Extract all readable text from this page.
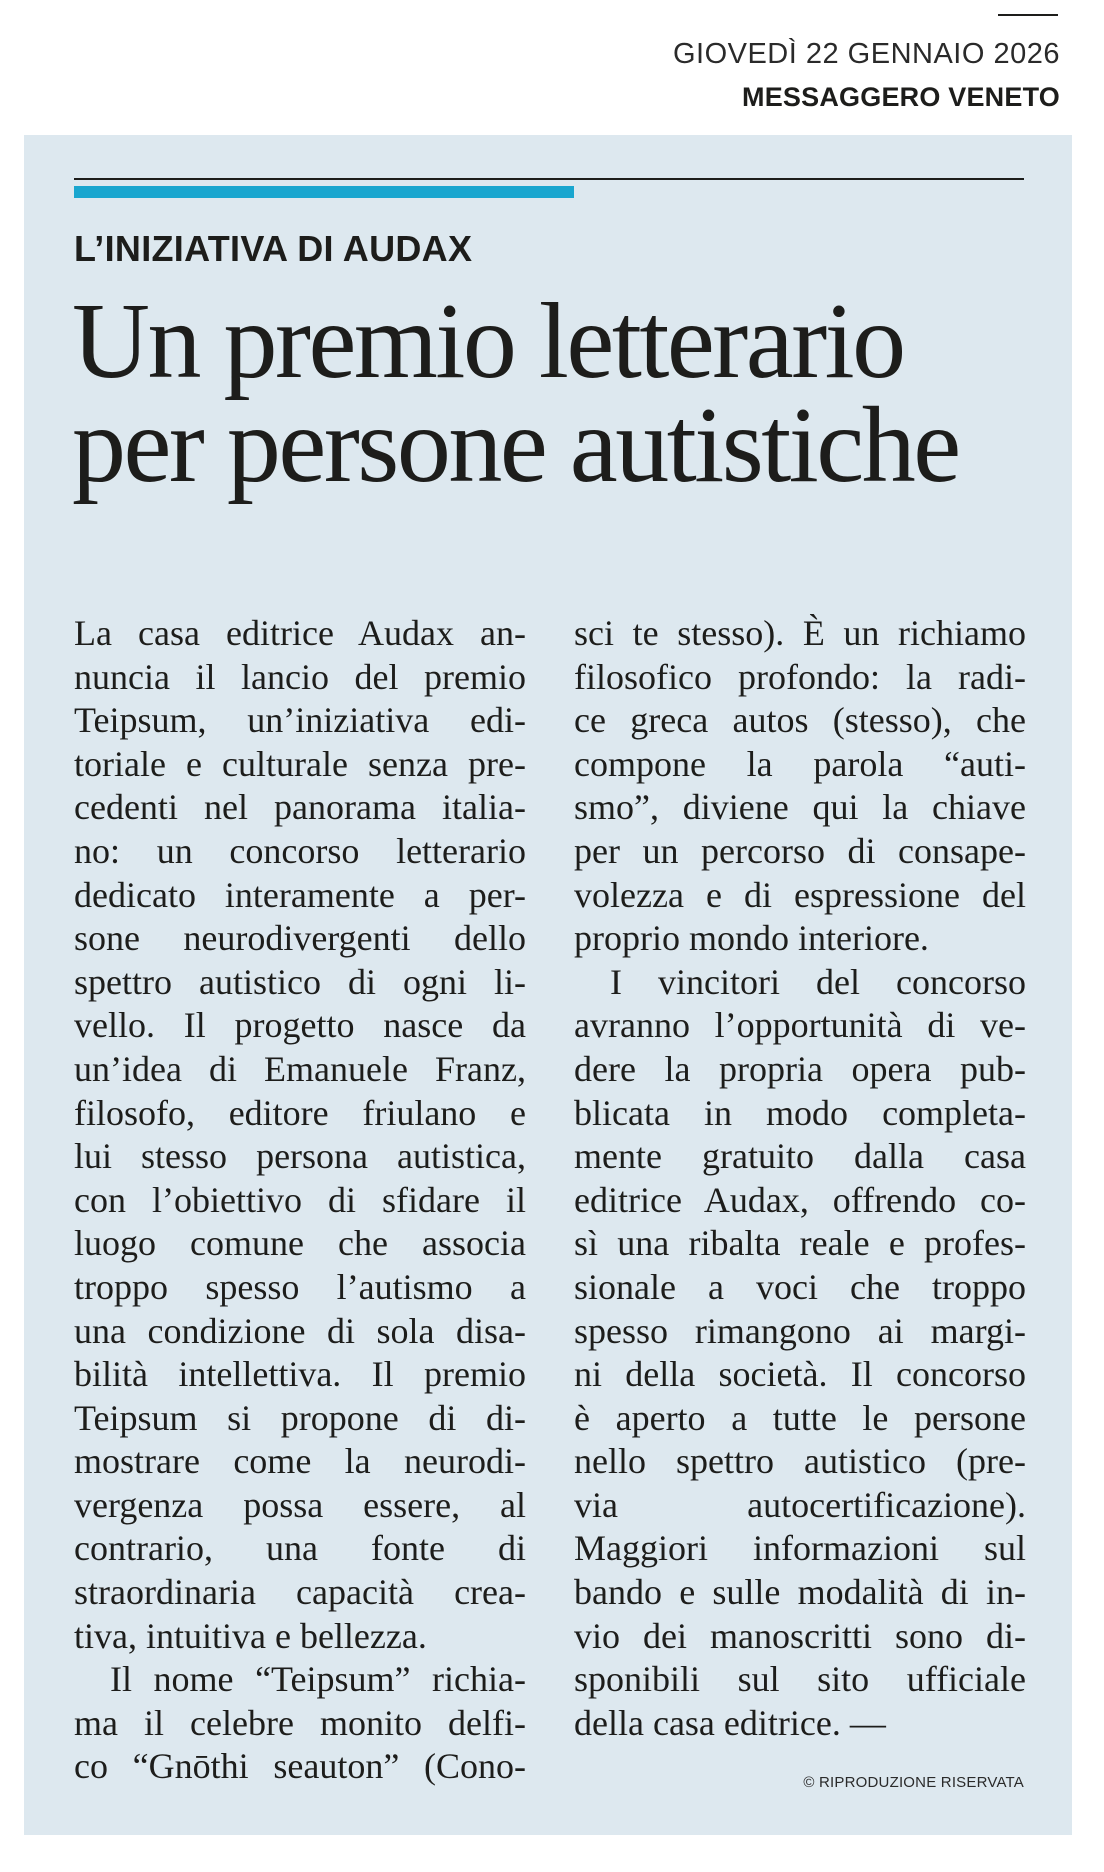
GIOVEDÌ 22 GENNAIO 2026
MESSAGGERO VENETO
L’INIZIATIVA DI AUDAX
Un premio letterario
per persone autistiche
La casa editrice Audax an-
nuncia il lancio del premio
Teipsum, un’iniziativa edi-
toriale e culturale senza pre-
cedenti nel panorama italia-
no: un concorso letterario
dedicato interamente a per-
sone neurodivergenti dello
spettro autistico di ogni li-
vello. Il progetto nasce da
un’idea di Emanuele Franz,
filosofo, editore friulano e
lui stesso persona autistica,
con l’obiettivo di sfidare il
luogo comune che associa
troppo spesso l’autismo a
una condizione di sola disa-
bilità intellettiva. Il premio
Teipsum si propone di di-
mostrare come la neurodi-
vergenza possa essere, al
contrario, una fonte di
straordinaria capacità crea-
tiva, intuitiva e bellezza.
Il nome “Teipsum” richia-
ma il celebre monito delfi-
co “Gnōthi seauton” (Cono-
sci te stesso). È un richiamo
filosofico profondo: la radi-
ce greca autos (stesso), che
compone la parola “auti-
smo”, diviene qui la chiave
per un percorso di consape-
volezza e di espressione del
proprio mondo interiore.
I vincitori del concorso
avranno l’opportunità di ve-
dere la propria opera pub-
blicata in modo completa-
mente gratuito dalla casa
editrice Audax, offrendo co-
sì una ribalta reale e profes-
sionale a voci che troppo
spesso rimangono ai margi-
ni della società. Il concorso
è aperto a tutte le persone
nello spettro autistico (pre-
via autocertificazione).
Maggiori informazioni sul
bando e sulle modalità di in-
vio dei manoscritti sono di-
sponibili sul sito ufficiale
della casa editrice. —
© RIPRODUZIONE RISERVATA
